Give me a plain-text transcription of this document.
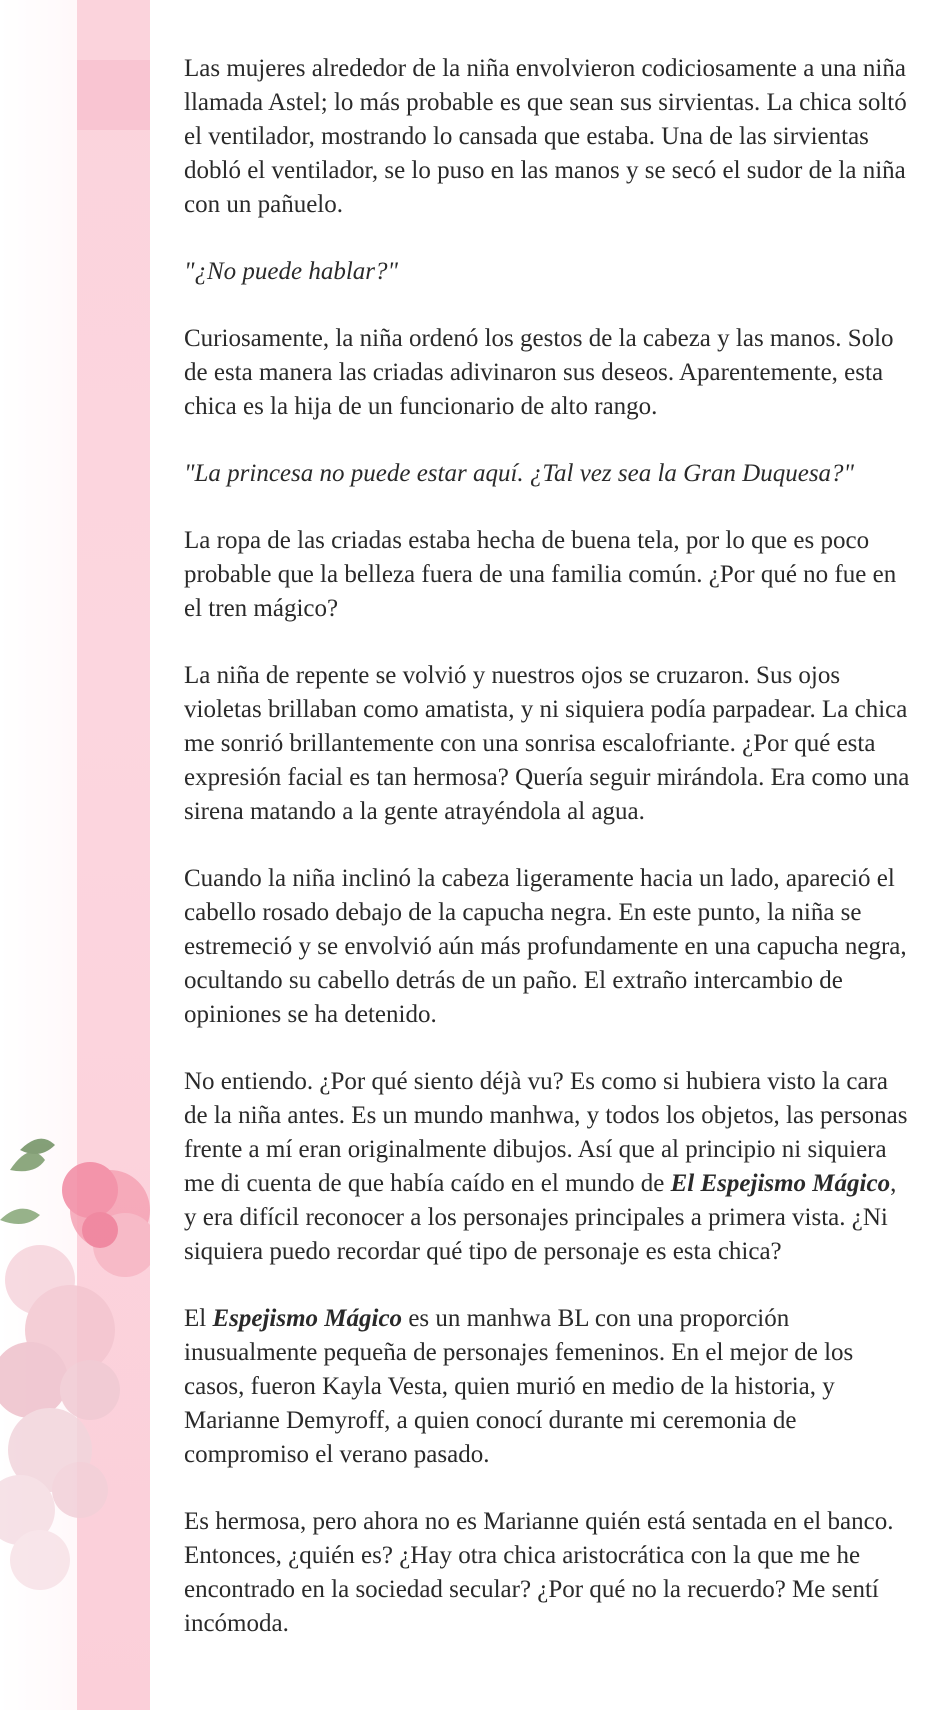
Las mujeres alrededor de la niña envolvieron codiciosamente a una niña llamada Astel; lo más probable es que sean sus sirvientas. La chica soltó el ventilador, mostrando lo cansada que estaba. Una de las sirvientas dobló el ventilador, se lo puso en las manos y se secó el sudor de la niña con un pañuelo.

"¿No puede hablar?"

Curiosamente, la niña ordenó los gestos de la cabeza y las manos. Solo de esta manera las criadas adivinaron sus deseos. Aparentemente, esta chica es la hija de un funcionario de alto rango.

"La princesa no puede estar aquí. ¿Tal vez sea la Gran Duquesa?"

La ropa de las criadas estaba hecha de buena tela, por lo que es poco probable que la belleza fuera de una familia común. ¿Por qué no fue en el tren mágico?

La niña de repente se volvió y nuestros ojos se cruzaron. Sus ojos violetas brillaban como amatista, y ni siquiera podía parpadear. La chica me sonrió brillantemente con una sonrisa escalofriante. ¿Por qué esta expresión facial es tan hermosa? Quería seguir mirándola. Era como una sirena matando a la gente atrayéndola al agua.

Cuando la niña inclinó la cabeza ligeramente hacia un lado, apareció el cabello rosado debajo de la capucha negra. En este punto, la niña se estremeció y se envolvió aún más profundamente en una capucha negra, ocultando su cabello detrás de un paño. El extraño intercambio de opiniones se ha detenido.

No entiendo. ¿Por qué siento déjà vu? Es como si hubiera visto la cara de la niña antes. Es un mundo manhwa, y todos los objetos, las personas frente a mí eran originalmente dibujos. Así que al principio ni siquiera me di cuenta de que había caído en el mundo de El Espejismo Mágico, y era difícil reconocer a los personajes principales a primera vista. ¿Ni siquiera puedo recordar qué tipo de personaje es esta chica?

El Espejismo Mágico es un manhwa BL con una proporción inusualmente pequeña de personajes femeninos. En el mejor de los casos, fueron Kayla Vesta, quien murió en medio de la historia, y Marianne Demyroff, a quien conocí durante mi ceremonia de compromiso el verano pasado.

Es hermosa, pero ahora no es Marianne quién está sentada en el banco. Entonces, ¿quién es? ¿Hay otra chica aristocrática con la que me he encontrado en la sociedad secular? ¿Por qué no la recuerdo? Me sentí incómoda.
